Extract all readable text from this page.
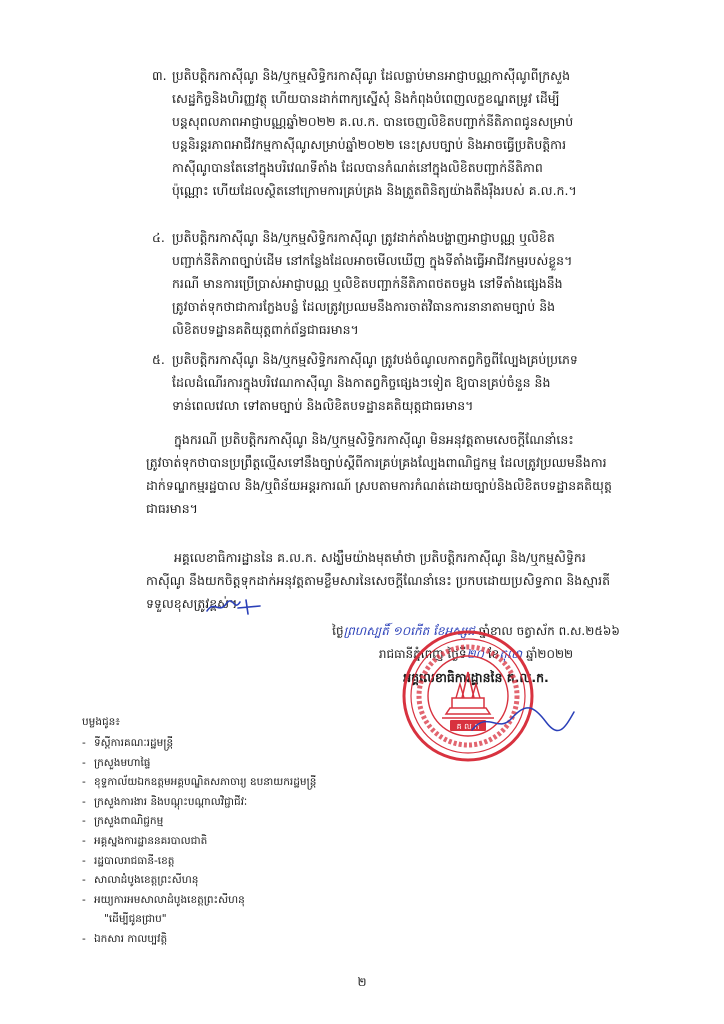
៣. ប្រតិបត្តិករកាស៊ីណូ និង/ឬកម្មសិទ្ធិករកាស៊ីណូ ដែលធ្លាប់មានអាជ្ញាបណ្ណកាស៊ីណូពីក្រសួង
សេដ្ឋកិច្ចនិងហិរញ្ញវត្ថុ ហើយបានដាក់ពាក្យស្នើសុំ និងកំពុងបំពេញលក្ខខណ្ឌតម្រូវ ដើម្បី
បន្តសុពលភាពអាជ្ញាបណ្ណឆ្នាំ២០២២ គ.ល.ក. បានចេញលិខិតបញ្ជាក់នីតិភាពជូនសម្រាប់
បន្តនិរន្តរភាពអាជីវកម្មកាស៊ីណូសម្រាប់ឆ្នាំ២០២២ នេះស្របច្បាប់ និងអាចធ្វើប្រតិបត្តិការ
កាស៊ីណូបានតែនៅក្នុងបរិវេណទីតាំង ដែលបានកំណត់នៅក្នុងលិខិតបញ្ជាក់នីតិភាព
ប៉ុណ្ណោះ ហើយដែលស្ថិតនៅក្រោមការគ្រប់គ្រង និងត្រួតពិនិត្យយ៉ាងតឹងរ៉ឹងរបស់ គ.ល.ក.។
៤. ប្រតិបត្តិករកាស៊ីណូ និង/ឬកម្មសិទ្ធិករកាស៊ីណូ ត្រូវដាក់តាំងបង្ហាញអាជ្ញាបណ្ណ ឬលិខិត
បញ្ជាក់នីតិភាពច្បាប់ដើម នៅកន្លែងដែលអាចមើលឃើញ ក្នុងទីតាំងធ្វើអាជីវកម្មរបស់ខ្លួន។
ករណី មានការប្រើប្រាស់អាជ្ញាបណ្ណ ឬលិខិតបញ្ជាក់នីតិភាពថតចម្លង នៅទីតាំងផ្សេងនឹង
ត្រូវចាត់ទុកថាជាការក្លែងបន្លំ ដែលត្រូវប្រឈមនឹងការចាត់វិធានការនានាតាមច្បាប់ និង
លិខិតបទដ្ឋានគតិយុត្តពាក់ព័ន្ធជាធរមាន។
៥. ប្រតិបត្តិករកាស៊ីណូ និង/ឬកម្មសិទ្ធិករកាស៊ីណូ ត្រូវបង់ចំណូលកាតព្វកិច្ចពីល្បែងគ្រប់ប្រភេទ
ដែលដំណើរការក្នុងបរិវេណកាស៊ីណូ និងកាតព្វកិច្ចផ្សេងៗទៀត ឱ្យបានគ្រប់ចំនួន និង
ទាន់ពេលវេលា ទៅតាមច្បាប់ និងលិខិតបទដ្ឋានគតិយុត្តជាធរមាន។
ក្នុងករណី ប្រតិបត្តិករកាស៊ីណូ និង/ឬកម្មសិទ្ធិករកាស៊ីណូ មិនអនុវត្តតាមសេចក្តីណែនាំនេះ
ត្រូវចាត់ទុកថាបានប្រព្រឹត្តល្មើសទៅនឹងច្បាប់ស្តីពីការគ្រប់គ្រងល្បែងពាណិជ្ជកម្ម ដែលត្រូវប្រឈមនឹងការ
ដាក់ទណ្ឌកម្មរដ្ឋបាល និង/ឬពិន័យអន្តរការណ៍ ស្របតាមការកំណត់ដោយច្បាប់និងលិខិតបទដ្ឋានគតិយុត្ត
ជាធរមាន។
អគ្គលេខាធិការដ្ឋាននៃ គ.ល.ក. សង្ឃឹមយ៉ាងមុតមាំថា ប្រតិបត្តិករកាស៊ីណូ និង/ឬកម្មសិទ្ធិករ
កាស៊ីណូ នឹងយកចិត្តទុកដាក់អនុវត្តតាមខ្លឹមសារនៃសេចក្តីណែនាំនេះ ប្រកបដោយប្រសិទ្ធភាព និងស្មារតី
ទទួលខុសត្រូវខ្ពស់។
ថ្ងៃព្រហស្បតិ៍ ១០កើត ខែអស្សុជ ឆ្នាំខាល ចត្វាស័ក ព.ស.២៥៦៦
រាជធានីភ្នំពេញ ថ្ងៃទី២០ ខែតុលា ឆ្នាំ២០២២
អគ្គលេខាធិការដ្ឋាននៃ គ.ល.ក.
គ ល ក
បម្លងជូន៖
- ទីស្តីការគណៈរដ្ឋមន្ត្រី
- ក្រសួងមហាផ្ទៃ
- ខុទ្ទកាល័យឯកឧត្តមអគ្គបណ្ឌិតសភាចារ្យ ឧបនាយករដ្ឋមន្ត្រី
- ក្រសួងការងារ និងបណ្តុះបណ្តាលវិជ្ជាជីវៈ
- ក្រសួងពាណិជ្ជកម្ម
- អគ្គស្នងការដ្ឋាននគរបាលជាតិ
- រដ្ឋបាលរាជធានី-ខេត្ត
- សាលាដំបូងខេត្តព្រះសីហនុ
- អយ្យការអមសាលាដំបូងខេត្តព្រះសីហនុ
"ដើម្បីជូនជ្រាប"
- ឯកសារ កាលប្បវត្តិ
២
